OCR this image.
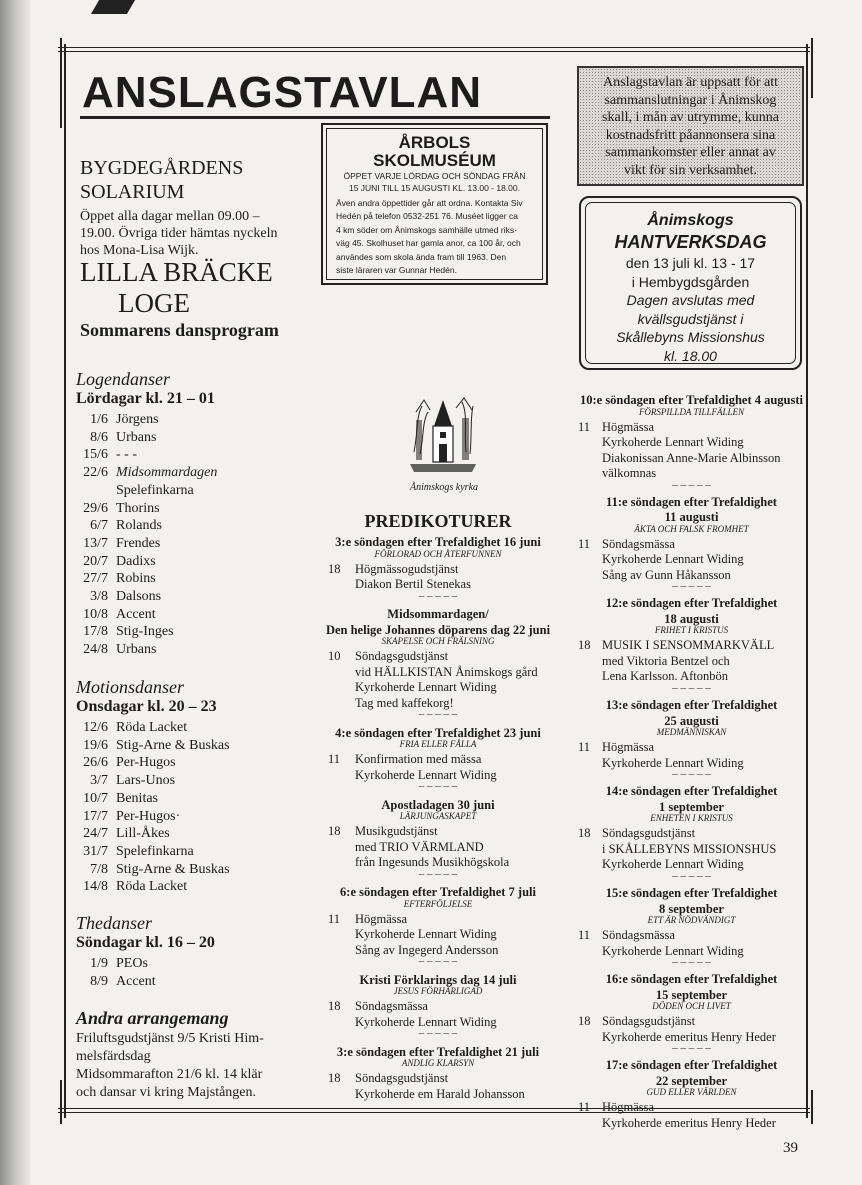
ANSLAGSTAVLAN
BYGDEGÅRDENS
SOLARIUM
Öppet alla dagar mellan 09.00 –
19.00. Övriga tider hämtas nyckeln
hos Mona-Lisa Wijk.
LILLA BRÄCKE
LOGE
Sommarens dansprogram
Logendanser
Lördagar kl. 21 – 01
1/6 Jörgens
8/6 Urbans
15/6 - - -
22/6 Midsommardagen
Spelefinkarna
29/6 Thorins
6/7 Rolands
13/7 Frendes
20/7 Dadixs
27/7 Robins
3/8 Dalsons
10/8 Accent
17/8 Stig-Inges
24/8 Urbans
Motionsdanser
Onsdagar kl. 20 – 23
12/6 Röda Lacket
19/6 Stig-Arne & Buskas
26/6 Per-Hugos
3/7 Lars-Unos
10/7 Benitas
17/7 Per-Hugos·
24/7 Lill-Åkes
31/7 Spelefinkarna
7/8 Stig-Arne & Buskas
14/8 Röda Lacket
Thedanser
Söndagar kl. 16 – 20
1/9 PEOs
8/9 Accent
Andra arrangemang
Friluftsgudstjänst 9/5 Kristi Him-
melsfärdsdag
Midsommarafton 21/6 kl. 14 klär
och dansar vi kring Majstången.
ÅRBOLS
SKOLMUSÉUM
ÖPPET VARJE LÖRDAG OCH SÖNDAG FRÅN
15 JUNI TILL 15 AUGUSTI KL. 13.00 - 18.00.
Även andra öppettider går att ordna. Kontakta Siv
Hedén på telefon 0532-251 76. Muséet ligger ca
4 km söder om Ånimskogs samhälle utmed riks-
väg 45. Skolhuset har gamla anor, ca 100 år, och
användes som skola ända fram till 1963. Den
siste läraren var Gunnar Hedén.
Anslagstavlan är uppsatt för att
sammanslutningar i Ånimskog
skall, i mån av utrymme, kunna
kostnadsfritt påannonsera sina
sammankomster eller annat av
vikt för sin verksamhet.
Ånimskogs
HANTVERKSDAG
den 13 juli kl. 13 - 17
i Hembygdsgården
Dagen avslutas med
kvällsgudstjänst i
Skållebyns Missionshus
kl. 18.00
Ånimskogs kyrka
PREDIKOTURER
3:e söndagen efter Trefaldighet 16 juni
FÖRLORAD OCH ÅTERFUNNEN
18 Högmässogudstjänst
Diakon Bertil Stenekas
– – – – –
Midsommardagen/
Den helige Johannes döparens dag 22 juni
SKAPELSE OCH FRÄLSNING
10 Söndagsgudstjänst
vid HÄLLKISTAN Ånimskogs gård
Kyrkoherde Lennart Widing
Tag med kaffekorg!
– – – – –
4:e söndagen efter Trefaldighet 23 juni
FRIA ELLER FÅLLA
11 Konfirmation med mässa
Kyrkoherde Lennart Widing
– – – – –
Apostladagen 30 juni
LÄRJUNGASKAPET
18 Musikgudstjänst
med TRIO VÄRMLAND
från Ingesunds Musikhögskola
– – – – –
6:e söndagen efter Trefaldighet 7 juli
EFTERFÖLJELSE
11 Högmässa
Kyrkoherde Lennart Widing
Sång av Ingegerd Andersson
– – – – –
Kristi Förklarings dag 14 juli
JESUS FÖRHÄRLIGAD
18 Söndagsmässa
Kyrkoherde Lennart Widing
– – – – –
3:e söndagen efter Trefaldighet 21 juli
ANDLIG KLARSYN
18 Söndagsgudstjänst
Kyrkoherde em Harald Johansson
10:e söndagen efter Trefaldighet 4 augusti
FÖRSPILLDA TILLFÄLLEN
11 Högmässa
Kyrkoherde Lennart Widing
Diakonissan Anne-Marie Albinsson
välkomnas
– – – – –
11:e söndagen efter Trefaldighet
11 augusti
ÄKTA OCH FALSK FROMHET
11 Söndagsmässa
Kyrkoherde Lennart Widing
Sång av Gunn Håkansson
– – – – –
12:e söndagen efter Trefaldighet
18 augusti
FRIHET I KRISTUS
18 MUSIK I SENSOMMARKVÄLL
med Viktoria Bentzel och
Lena Karlsson. Aftonbön
– – – – –
13:e söndagen efter Trefaldighet
25 augusti
MEDMÄNNISKAN
11 Högmässa
Kyrkoherde Lennart Widing
– – – – –
14:e söndagen efter Trefaldighet
1 september
ENHETEN I KRISTUS
18 Söndagsgudstjänst
i SKÅLLEBYNS MISSIONSHUS
Kyrkoherde Lennart Widing
– – – – –
15:e söndagen efter Trefaldighet
8 september
ETT ÄR NÖDVÄNDIGT
11 Söndagsmässa
Kyrkoherde Lennart Widing
– – – – –
16:e söndagen efter Trefaldighet
15 september
DÖDEN OCH LIVET
18 Söndagsgudstjänst
Kyrkoherde emeritus Henry Heder
– – – – –
17:e söndagen efter Trefaldighet
22 september
GUD ELLER VÄRLDEN
11 Högmässa
Kyrkoherde emeritus Henry Heder
39
